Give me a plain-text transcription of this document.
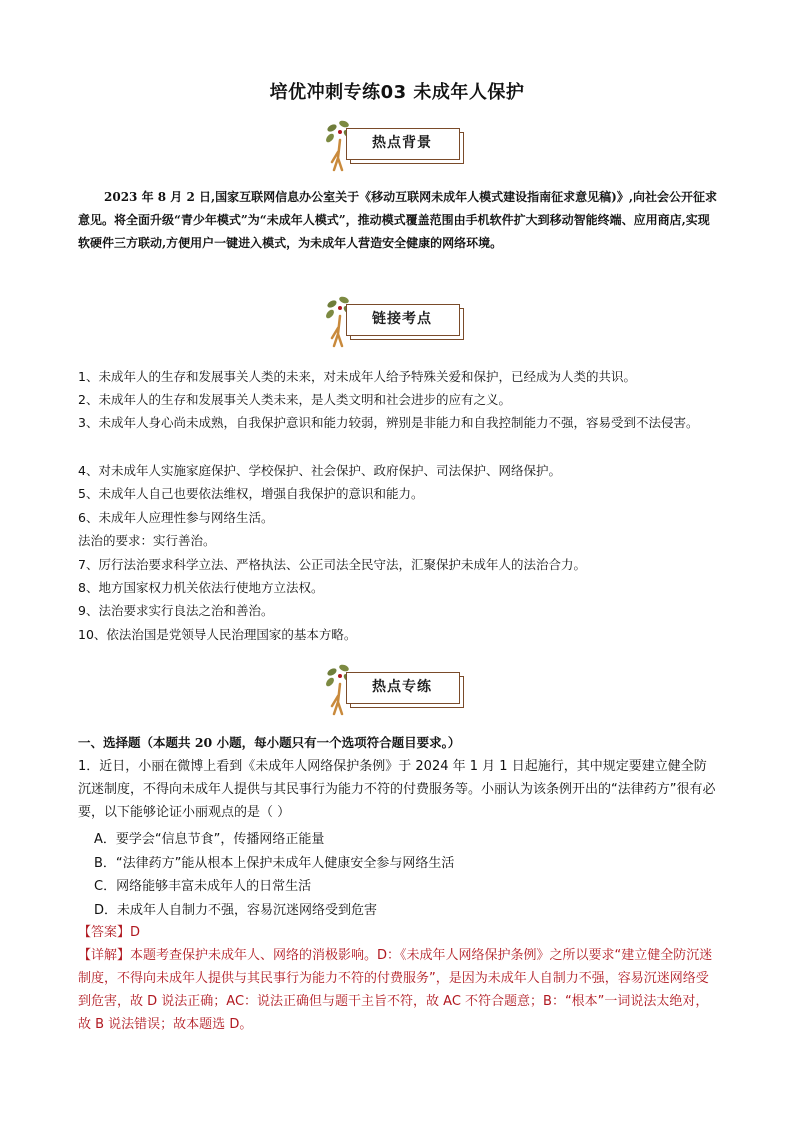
培优冲刺专练03 未成年人保护
热点背景
2023 年 8 月 2 日,国家互联网信息办公室关于《移动互联网未成年人模式建设指南征求意见稿)》,向社会公开征求意见。将全面升级“青少年模式”为“未成年人模式”，推动模式覆盖范围由手机软件扩大到移动智能终端、应用商店,实现软硬件三方联动,方便用户一键进入模式，为未成年人营造安全健康的网络环境。
链接考点
1、未成年人的生存和发展事关人类的未来，对未成年人给予特殊关爱和保护，已经成为人类的共识。
2、未成年人的生存和发展事关人类未来，是人类文明和社会进步的应有之义。
3、未成年人身心尚未成熟，自我保护意识和能力较弱，辨别是非能力和自我控制能力不强，容易受到不法侵害。
4、对未成年人实施家庭保护、学校保护、社会保护、政府保护、司法保护、网络保护。
5、未成年人自己也要依法维权，增强自我保护的意识和能力。
6、未成年人应理性参与网络生活。
法治的要求：实行善治。
7、厉行法治要求科学立法、严格执法、公正司法全民守法，汇聚保护未成年人的法治合力。
8、地方国家权力机关依法行使地方立法权。
9、法治要求实行良法之治和善治。
10、依法治国是党领导人民治理国家的基本方略。
热点专练
一、选择题（本题共 20 小题，每小题只有一个选项符合题目要求。）
1．近日，小丽在微博上看到《未成年人网络保护条例》于 2024 年 1 月 1 日起施行，其中规定要建立健全防沉迷制度，不得向未成年人提供与其民事行为能力不符的付费服务等。小丽认为该条例开出的“法律药方”很有必要，以下能够论证小丽观点的是（ ）
A．要学会“信息节食”，传播网络正能量
B．“法律药方”能从根本上保护未成年人健康安全参与网络生活
C．网络能够丰富未成年人的日常生活
D．未成年人自制力不强，容易沉迷网络受到危害
【答案】D
【详解】本题考查保护未成年人、网络的消极影响。D：《未成年人网络保护条例》之所以要求“建立健全防沉迷制度，不得向未成年人提供与其民事行为能力不符的付费服务”，是因为未成年人自制力不强，容易沉迷网络受到危害，故 D 说法正确；AC：说法正确但与题干主旨不符，故 AC 不符合题意；B：“根本”一词说法太绝对，故 B 说法错误；故本题选 D。
